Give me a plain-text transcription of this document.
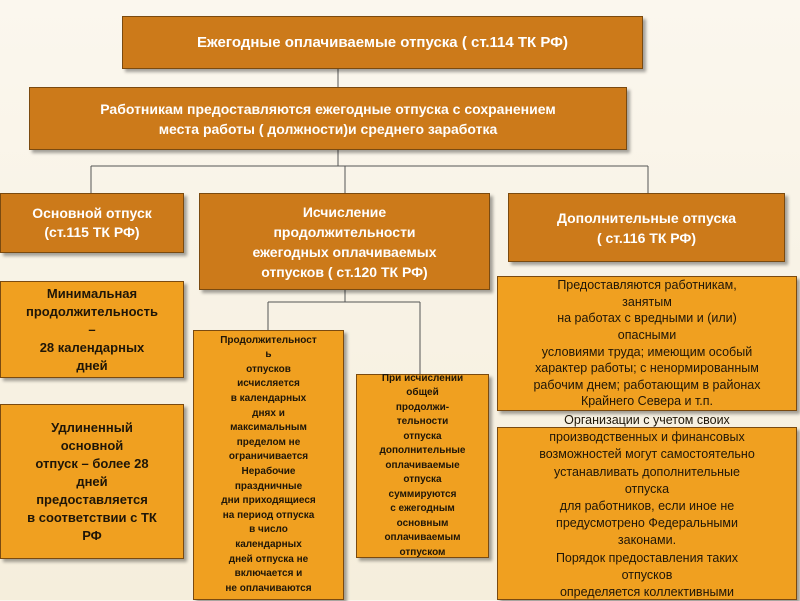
Ежегодные оплачиваемые отпуска ( ст.114 ТК РФ)
Работникам предоставляются ежегодные отпуска с сохранением
места работы ( должности)и среднего заработка
Основной отпуск
(ст.115 ТК РФ)
Минимальная
продолжительность
–
28 календарных
дней
Удлиненный
основной
отпуск – более 28
дней
предоставляется
в соответствии с ТК
РФ
Исчисление
продолжительности
ежегодных оплачиваемых
отпусков ( ст.120 ТК РФ)
Продолжительност
ь
отпусков
исчисляется
в календарных
днях и
максимальным
пределом не
ограничивается
Нерабочие
праздничные
дни приходящиеся
на период отпуска
в число
календарных
дней отпуска не
включается и
не оплачиваются
При исчислении
общей
продолжи-
тельности
отпуска
дополнительные
оплачиваемые
отпуска
суммируются
с ежегодным
основным
оплачиваемым
отпуском
Дополнительные отпуска
( ст.116 ТК РФ)
Предоставляются работникам,
занятым
на работах с вредными и (или)
опасными
условиями труда; имеющим особый
характер работы; с ненормированным
рабочим днем; работающим в районах
Крайнего Севера и т.п.
Организации с учетом своих
производственных и финансовых
возможностей могут самостоятельно
устанавливать дополнительные
отпуска
для работников, если иное не
предусмотрено Федеральными
законами.
Порядок предоставления таких
отпусков
определяется коллективными
